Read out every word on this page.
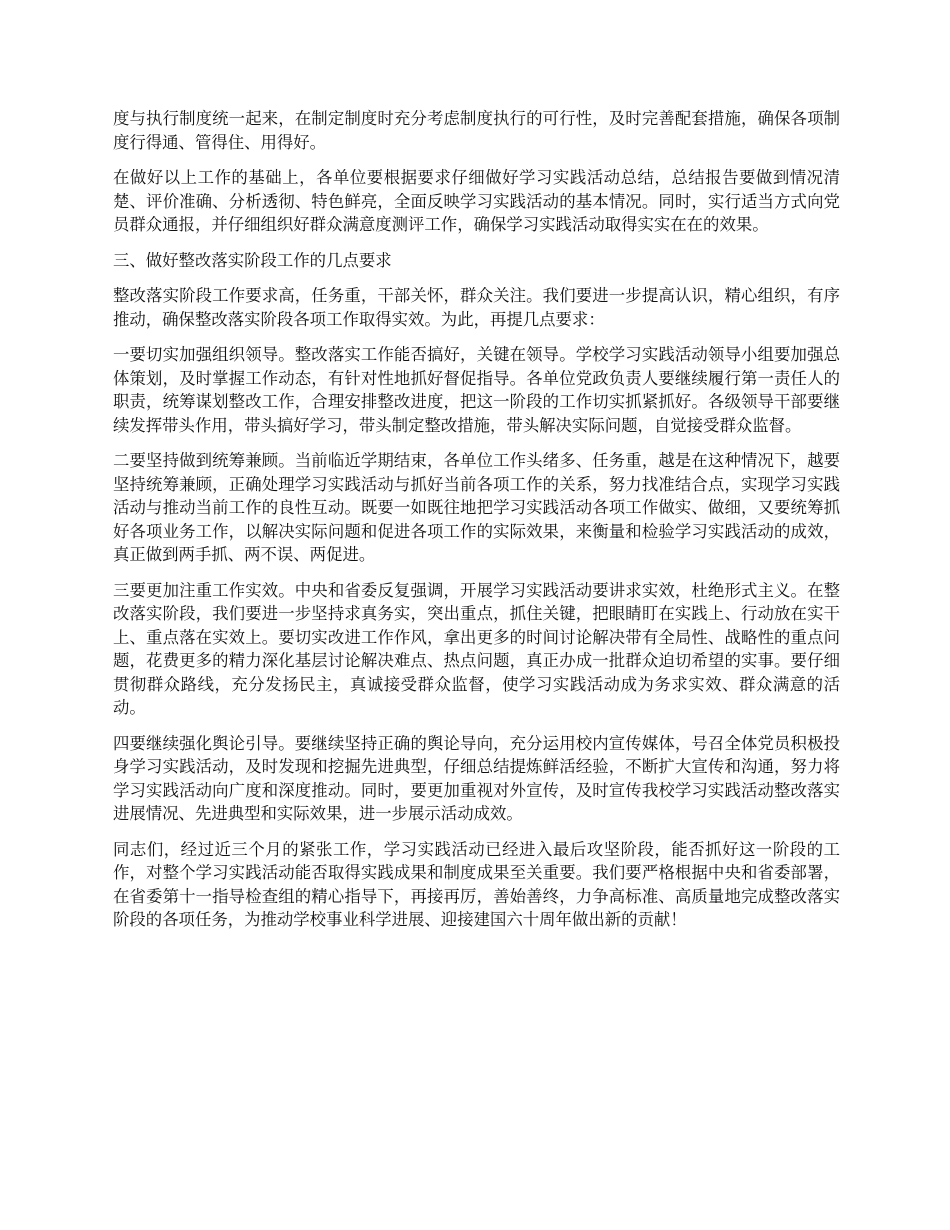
度与执行制度统一起来，在制定制度时充分考虑制度执行的可行性，及时完善配套措施，确保各项制度行得通、管得住、用得好。

在做好以上工作的基础上，各单位要根据要求仔细做好学习实践活动总结，总结报告要做到情况清楚、评价准确、分析透彻、特色鲜亮，全面反映学习实践活动的基本情况。同时，实行适当方式向党员群众通报，并仔细组织好群众满意度测评工作，确保学习实践活动取得实实在在的效果。

三、做好整改落实阶段工作的几点要求

整改落实阶段工作要求高，任务重，干部关怀，群众关注。我们要进一步提高认识，精心组织，有序推动，确保整改落实阶段各项工作取得实效。为此，再提几点要求：

一要切实加强组织领导。整改落实工作能否搞好，关键在领导。学校学习实践活动领导小组要加强总体策划，及时掌握工作动态，有针对性地抓好督促指导。各单位党政负责人要继续履行第一责任人的职责，统筹谋划整改工作，合理安排整改进度，把这一阶段的工作切实抓紧抓好。各级领导干部要继续发挥带头作用，带头搞好学习，带头制定整改措施，带头解决实际问题，自觉接受群众监督。

二要坚持做到统筹兼顾。当前临近学期结束，各单位工作头绪多、任务重，越是在这种情况下，越要坚持统筹兼顾，正确处理学习实践活动与抓好当前各项工作的关系，努力找准结合点，实现学习实践活动与推动当前工作的良性互动。既要一如既往地把学习实践活动各项工作做实、做细，又要统筹抓好各项业务工作，以解决实际问题和促进各项工作的实际效果，来衡量和检验学习实践活动的成效，真正做到两手抓、两不误、两促进。

三要更加注重工作实效。中央和省委反复强调，开展学习实践活动要讲求实效，杜绝形式主义。在整改落实阶段，我们要进一步坚持求真务实，突出重点，抓住关键，把眼睛盯在实践上、行动放在实干上、重点落在实效上。要切实改进工作作风，拿出更多的时间讨论解决带有全局性、战略性的重点问题，花费更多的精力深化基层讨论解决难点、热点问题，真正办成一批群众迫切希望的实事。要仔细贯彻群众路线，充分发扬民主，真诚接受群众监督，使学习实践活动成为务求实效、群众满意的活动。

四要继续强化舆论引导。要继续坚持正确的舆论导向，充分运用校内宣传媒体，号召全体党员积极投身学习实践活动，及时发现和挖掘先进典型，仔细总结提炼鲜活经验，不断扩大宣传和沟通，努力将学习实践活动向广度和深度推动。同时，要更加重视对外宣传，及时宣传我校学习实践活动整改落实进展情况、先进典型和实际效果，进一步展示活动成效。

同志们，经过近三个月的紧张工作，学习实践活动已经进入最后攻坚阶段，能否抓好这一阶段的工作，对整个学习实践活动能否取得实践成果和制度成果至关重要。我们要严格根据中央和省委部署，在省委第十一指导检查组的精心指导下，再接再厉，善始善终，力争高标准、高质量地完成整改落实阶段的各项任务，为推动学校事业科学进展、迎接建国六十周年做出新的贡献！
